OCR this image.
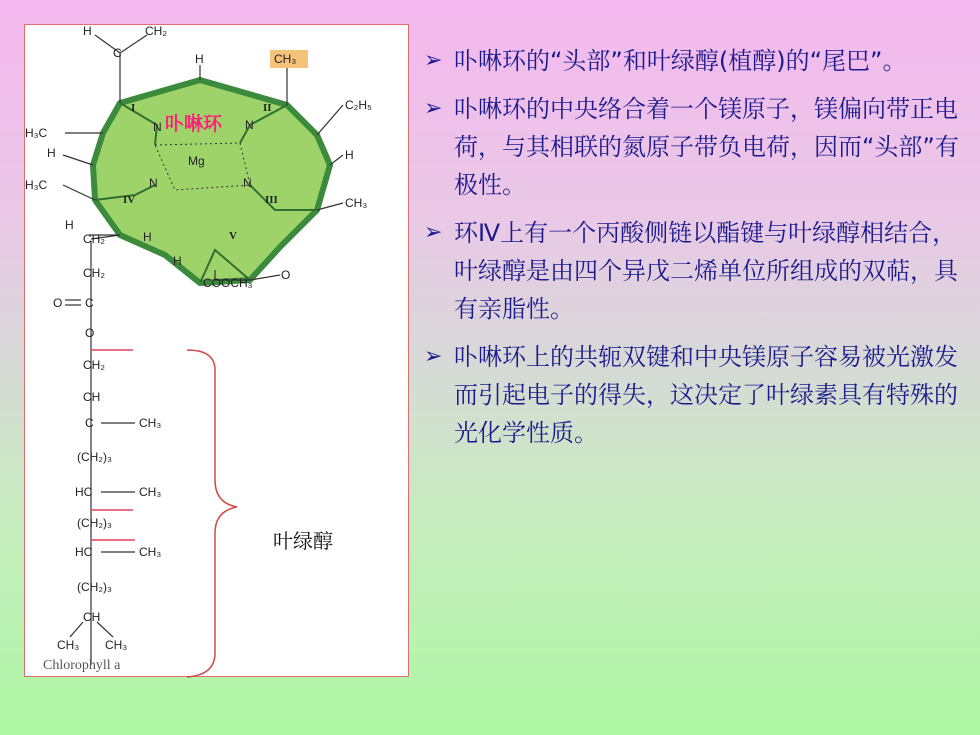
H	CH₂
C	H	CH₃
H₃C
C₂H₅
H	H
H₃C
CH₃
H
CH₂	H
H
COOCH₃
O
CH₂
O C
O
CH₂
CH
C	CH₃
(CH₂)₃
HC	CH₃
(CH₂)₃
HC	CH₃
(CH₂)₃
CH
CH₃ CH₃
N	N
Mg
N	N
I	II
III
IV
V
卟啉环
Chlorophyll a
叶绿醇
➢ 卟啉环的“头部”和叶绿醇(植醇)的“尾巴”。
➢ 卟啉环的中央络合着一个镁原子，镁偏向带正电荷，与其相联的氮原子带负电荷，因而“头部”有极性。
➢ 环Ⅳ上有一个丙酸侧链以酯键与叶绿醇相结合，叶绿醇是由四个异戊二烯单位所组成的双萜，具有亲脂性。
➢ 卟啉环上的共轭双键和中央镁原子容易被光激发而引起电子的得失，这决定了叶绿素具有特殊的光化学性质。
